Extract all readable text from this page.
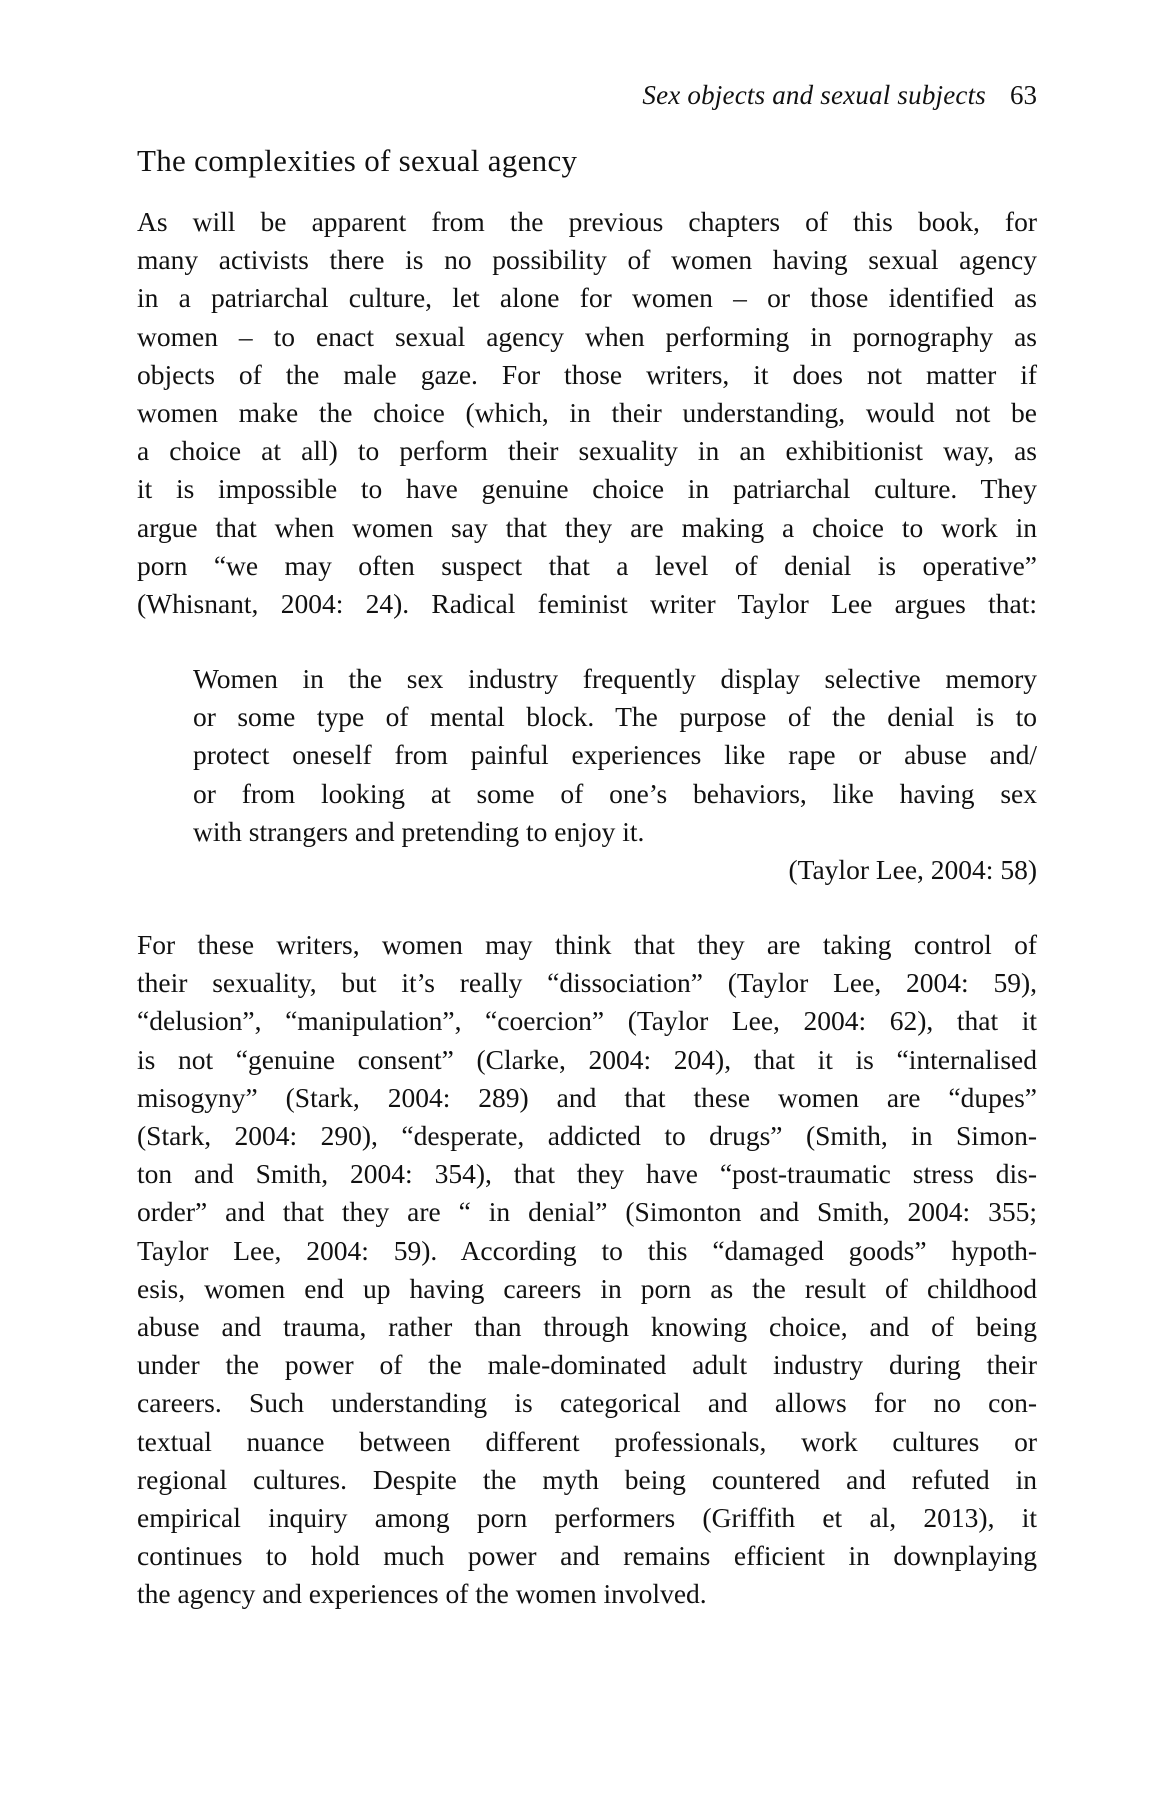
Sex objects and sexual subjects 63
The complexities of sexual agency
As will be apparent from the previous chapters of this book, for
many activists there is no possibility of women having sexual agency
in a patriarchal culture, let alone for women – or those identified as
women – to enact sexual agency when performing in pornography as
objects of the male gaze. For those writers, it does not matter if
women make the choice (which, in their understanding, would not be
a choice at all) to perform their sexuality in an exhibitionist way, as
it is impossible to have genuine choice in patriarchal culture. They
argue that when women say that they are making a choice to work in
porn “we may often suspect that a level of denial is operative”
(Whisnant, 2004: 24). Radical feminist writer Taylor Lee argues that:
Women in the sex industry frequently display selective memory
or some type of mental block. The purpose of the denial is to
protect oneself from painful experiences like rape or abuse and/
or from looking at some of one’s behaviors, like having sex
with strangers and pretending to enjoy it.
(Taylor Lee, 2004: 58)
For these writers, women may think that they are taking control of
their sexuality, but it’s really “dissociation” (Taylor Lee, 2004: 59),
“delusion”, “manipulation”, “coercion” (Taylor Lee, 2004: 62), that it
is not “genuine consent” (Clarke, 2004: 204), that it is “internalised
misogyny” (Stark, 2004: 289) and that these women are “dupes”
(Stark, 2004: 290), “desperate, addicted to drugs” (Smith, in Simon-
ton and Smith, 2004: 354), that they have “post-traumatic stress dis-
order” and that they are “ in denial” (Simonton and Smith, 2004: 355;
Taylor Lee, 2004: 59). According to this “damaged goods” hypoth-
esis, women end up having careers in porn as the result of childhood
abuse and trauma, rather than through knowing choice, and of being
under the power of the male-dominated adult industry during their
careers. Such understanding is categorical and allows for no con-
textual nuance between different professionals, work cultures or
regional cultures. Despite the myth being countered and refuted in
empirical inquiry among porn performers (Griffith et al, 2013), it
continues to hold much power and remains efficient in downplaying
the agency and experiences of the women involved.
